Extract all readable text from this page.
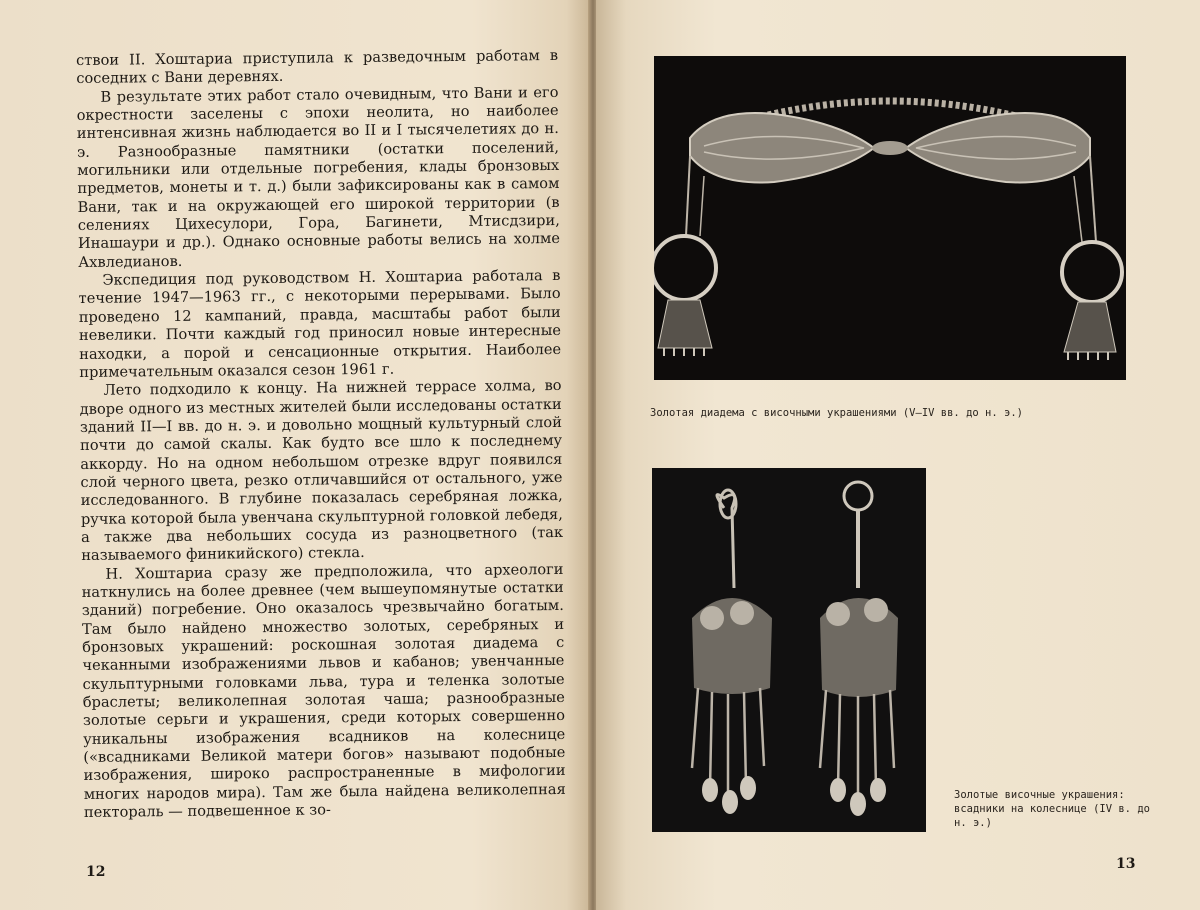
ствои II. Хоштариа приступила к разведочным работам в соседних с Вани деревнях.

В результате этих работ стало очевидным, что Вани и его окрестности заселены с эпохи неолита, но наиболее интенсивная жизнь наблюдается во II и I тысячелетиях до н. э. Разнообразные памятники (остатки поселений, могильники или отдельные погребения, клады бронзовых предметов, монеты и т. д.) были зафиксированы как в самом Вани, так и на окружающей его широкой территории (в селениях Цихесулори, Гора, Багинети, Мтисдзири, Инашаури и др.). Однако основные работы велись на холме Ахвледианов.

Экспедиция под руководством Н. Хоштариа работала в течение 1947—1963 гг., с некоторыми перерывами. Было проведено 12 кампаний, правда, масштабы работ были невелики. Почти каждый год приносил новые интересные находки, а порой и сенсационные открытия. Наиболее примечательным оказался сезон 1961 г.

Лето подходило к концу. На нижней террасе холма, во дворе одного из местных жителей были исследованы остатки зданий II—I вв. до н. э. и довольно мощный культурный слой почти до самой скалы. Как будто все шло к последнему аккорду. Но на одном небольшом отрезке вдруг появился слой черного цвета, резко отличавшийся от остального, уже исследованного. В глубине показалась серебряная ложка, ручка которой была увенчана скульптурной головкой лебедя, а также два небольших сосуда из разноцветного (так называемого финикийского) стекла.

Н. Хоштариа сразу же предположила, что археологи наткнулись на более древнее (чем вышеупомянутые остатки зданий) погребение. Оно оказалось чрезвычайно богатым. Там было найдено множество золотых, серебряных и бронзовых украшений: роскошная золотая диадема с чеканными изображениями львов и кабанов; увенчанные скульптурными головками льва, тура и теленка золотые браслеты; великолепная золотая чаша; разнообразные золотые серьги и украшения, среди которых совершенно уникальны изображения всадников на колеснице («всадниками Великой матери богов» называют подобные изображения, широко распространенные в мифологии многих народов мира). Там же была найдена великолепная пектораль — подвешенное к зо-

12
Золотая диадема с височными украшениями (V—IV вв. до н. э.)
Золотые височные украшения: всадники на колеснице (IV в. до н. э.)
13
